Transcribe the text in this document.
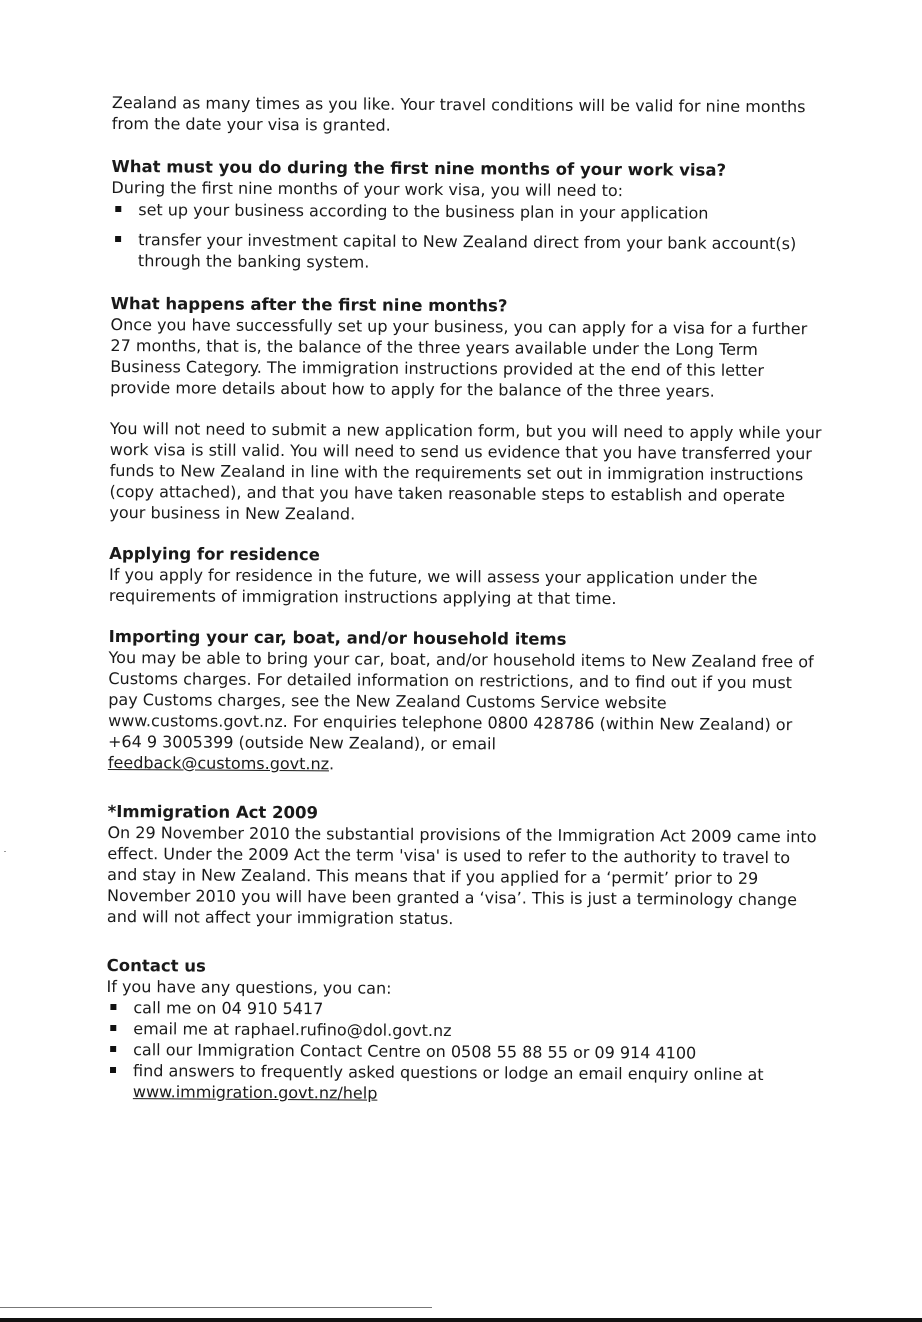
Zealand as many times as you like. Your travel conditions will be valid for nine months from the date your visa is granted.

What must you do during the first nine months of your work visa?

During the first nine months of your work visa, you will need to:

set up your business according to the business plan in your application
transfer your investment capital to New Zealand direct from your bank account(s) through the banking system.

What happens after the first nine months?

Once you have successfully set up your business, you can apply for a visa for a further 27 months, that is, the balance of the three years available under the Long Term Business Category. The immigration instructions provided at the end of this letter provide more details about how to apply for the balance of the three years.

You will not need to submit a new application form, but you will need to apply while your work visa is still valid. You will need to send us evidence that you have transferred your funds to New Zealand in line with the requirements set out in immigration instructions (copy attached), and that you have taken reasonable steps to establish and operate your business in New Zealand.

Applying for residence

If you apply for residence in the future, we will assess your application under the requirements of immigration instructions applying at that time.

Importing your car, boat, and/or household items

You may be able to bring your car, boat, and/or household items to New Zealand free of Customs charges. For detailed information on restrictions, and to find out if you must pay Customs charges, see the New Zealand Customs Service website www.customs.govt.nz. For enquiries telephone 0800 428786 (within New Zealand) or +64 9 3005399 (outside New Zealand), or email
feedback@customs.govt.nz.

*Immigration Act 2009

On 29 November 2010 the substantial provisions of the Immigration Act 2009 came into effect. Under the 2009 Act the term 'visa' is used to refer to the authority to travel to and stay in New Zealand. This means that if you applied for a ‘permit’ prior to 29 November 2010 you will have been granted a ‘visa’. This is just a terminology change and will not affect your immigration status.

Contact us

If you have any questions, you can:

call me on 04 910 5417
email me at raphael.rufino@dol.govt.nz
call our Immigration Contact Centre on 0508 55 88 55 or 09 914 4100
find answers to frequently asked questions or lodge an email enquiry online at www.immigration.govt.nz/help
